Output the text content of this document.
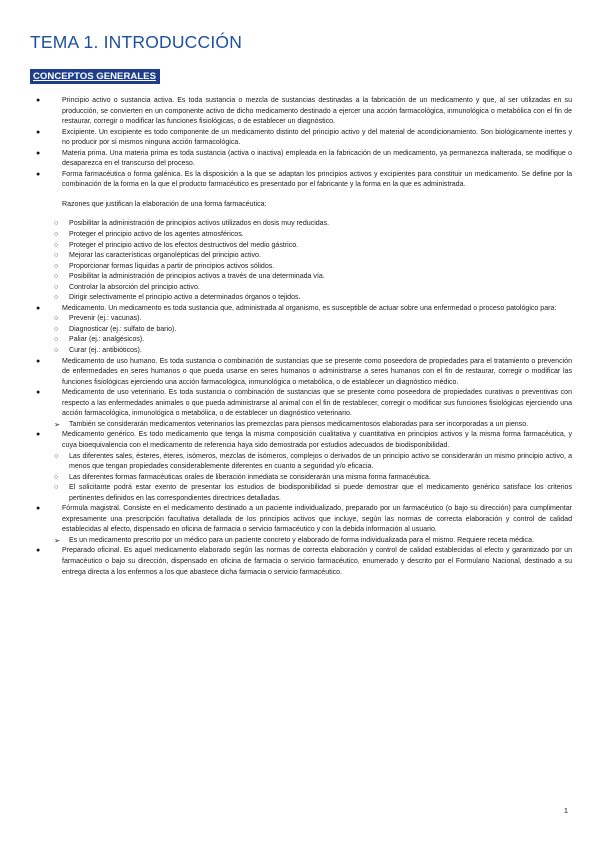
TEMA 1. INTRODUCCIÓN
CONCEPTOS GENERALES
●	Principio activo o sustancia activa. Es toda sustancia o mezcla de sustancias destinadas a la fabricación de un medicamento y que, al ser utilizadas en su producción, se convierten en un componente activo de dicho medicamento destinado a ejercer una acción farmacológica, inmunológica o metabólica con el fin de restaurar, corregir o modificar las funciones fisiológicas, o de establecer un diagnóstico.
●	Excipiente. Un excipiente es todo componente de un medicamento distinto del principio activo y del material de acondicionamiento. Son biológicamente inertes y no producir por sí mismos ninguna acción farmacológica.
●	Materia prima. Una materia prima es toda sustancia (activa o inactiva) empleada en la fabricación de un medicamento, ya permanezca inalterada, se modifique o desaparezca en el transcurso del proceso.
●	Forma farmacéutica o forma galénica. Es la disposición a la que se adaptan los principios activos y excipientes para constituir un medicamento. Se define por la combinación de la forma en la que el producto farmacéutico es presentado por el fabricante y la forma en la que es administrada.

Razones que justifican la elaboración de una forma farmacéutica:

○ Posibilitar la administración de principios activos utilizados en dosis muy reducidas.
○ Proteger el principio activo de los agentes atmosféricos.
○ Proteger el principio activo de los efectos destructivos del medio gástrico.
○ Mejorar las características organolépticas del principio activo.
○ Proporcionar formas líquidas a partir de principios activos sólidos.
○ Posibilitar la administración de principios activos a través de una determinada vía.
○ Controlar la absorción del principio activo.
○ Dirigir selectivamente el principio activo a determinados órganos o tejidos.
●	Medicamento. Un medicamento es toda sustancia que, administrada al organismo, es susceptible de actuar sobre una enfermedad o proceso patológico para:
○ Prevenir (ej.: vacunas).
○ Diagnosticar (ej.: sulfato de bario).
○ Paliar (ej.: analgésicos).
○ Curar (ej.: antibióticos).
●	Medicamento de uso humano. Es toda sustancia o combinación de sustancias que se presente como poseedora de propiedades para el tratamiento o prevención de enfermedades en seres humanos o que pueda usarse en seres humanos o administrarse a seres humanos con el fin de restaurar, corregir o modificar las funciones fisiológicas ejerciendo una acción farmacológica, inmunológica o metabólica, o de establecer un diagnóstico médico.
●	Medicamento de uso veterinario. Es toda sustancia o combinación de sustancias que se presente como poseedora de propiedades curativas o preventivas con respecto a las enfermedades animales o que pueda administrarse al animal con el fin de restablecer, corregir o modificar sus funciones fisiológicas ejerciendo una acción farmacológica, inmunológica o metabólica, o de establecer un diagnóstico veterinario.
➢ También se considerarán medicamentos veterinarios las premezclas para piensos medicamentosos elaboradas para ser incorporadas a un pienso.
●	Medicamento genérico. Es todo medicamento que tenga la misma composición cualitativa y cuantitativa en principios activos y la misma forma farmacéutica, y cuya bioequivalencia con el medicamento de referencia haya sido demostrada por estudios adecuados de biodisponibilidad.
○ Las diferentes sales, ésteres, éteres, isómeros, mezclas de isómeros, complejos o derivados de un principio activo se considerarán un mismo principio activo, a menos que tengan propiedades considerablemente diferentes en cuanto a seguridad y/o eficacia.
○ Las diferentes formas farmacéuticas orales de liberación inmediata se considerarán una misma forma farmacéutica.
○ El solicitante podrá estar exento de presentar los estudios de biodisponibilidad si puede demostrar que el medicamento genérico satisface los criterios pertinentes definidos en las correspondientes directrices detalladas.
●	Fórmula magistral. Consiste en el medicamento destinado a un paciente individualizado, preparado por un farmacéutico (o bajo su dirección) para cumplimentar expresamente una prescripción facultativa detallada de los principios activos que incluye, según las normas de correcta elaboración y control de calidad establecidas al efecto, dispensado en oficina de farmacia o servicio farmacéutico y con la debida información al usuario.
➢ Es un medicamento prescrito por un médico para un paciente concreto y elaborado de forma individualizada para el mismo. Requiere receta médica.
●	Preparado oficinal. Es aquel medicamento elaborado según las normas de correcta elaboración y control de calidad establecidas al efecto y garantizado por un farmacéutico o bajo su dirección, dispensado en oficina de farmacia o servicio farmacéutico, enumerado y descrito por el Formulario Nacional, destinado a su entrega directa a los enfermos a los que abastece dicha farmacia o servicio farmacéutico.

1
